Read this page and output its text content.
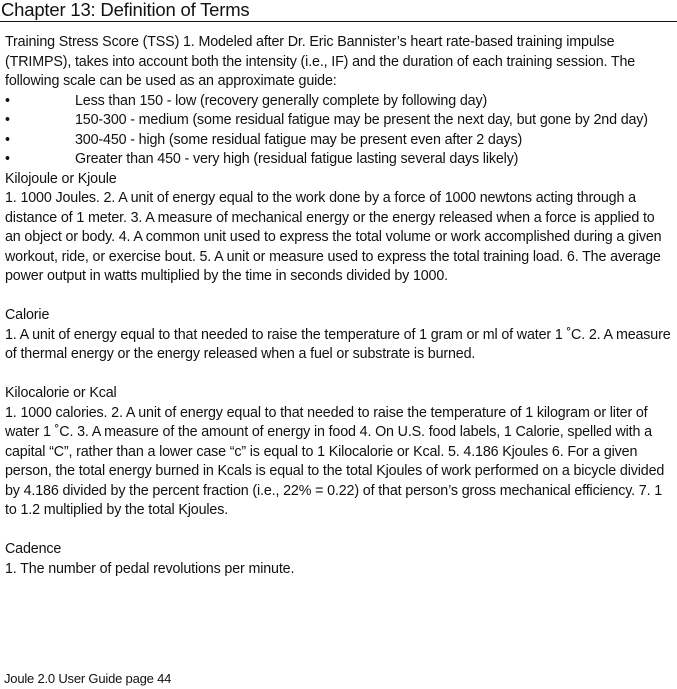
Chapter 13: Definition of Terms

Training Stress Score (TSS) 1. Modeled after Dr. Eric Bannister’s heart rate-based training impulse (TRIMPS), takes into account both the intensity (i.e., IF) and the duration of each training session. The following scale can be used as an approximate guide:

•	Less than 150 - low (recovery generally complete by following day)

•	150-300 - medium (some residual fatigue may be present the next day, but gone by 2nd day)

•	300-450 - high (some residual fatigue may be present even after 2 days)
•	Greater than 450 - very high (residual fatigue lasting several days likely)

Kilojoule or Kjoule

1. 1000 Joules. 2. A unit of energy equal to the work done by a force of 1000 newtons acting through a distance of 1 meter. 3. A measure of mechanical energy or the energy released when a force is applied to an object or body. 4. A common unit used to express the total volume or work accomplished during a given workout, ride, or exercise bout. 5. A unit or measure used to express the total training load. 6. The average power output in watts multiplied by the time in seconds divided by 1000.

Calorie

1. A unit of energy equal to that needed to raise the temperature of 1 gram or ml of water 1 ˚C. 2. A measure of thermal energy or the energy released when a fuel or substrate is burned.

Kilocalorie or Kcal

1. 1000 calories. 2. A unit of energy equal to that needed to raise the temperature of 1 kilogram or liter of water 1 ˚C. 3. A measure of the amount of energy in food 4. On U.S. food labels, 1 Calorie, spelled with a capital “C”, rather than a lower case “c” is equal to 1 Kilocalorie or Kcal. 5. 4.186 Kjoules 6. For a given person, the total energy burned in Kcals is equal to the total Kjoules of work performed on a bicycle divided by 4.186 divided by the percent fraction (i.e., 22% = 0.22) of that person’s gross mechanical efficiency. 7. 1 to 1.2 multiplied by the total Kjoules.

Cadence

1. The number of pedal revolutions per minute.

Joule 2.0 User Guide page 44
